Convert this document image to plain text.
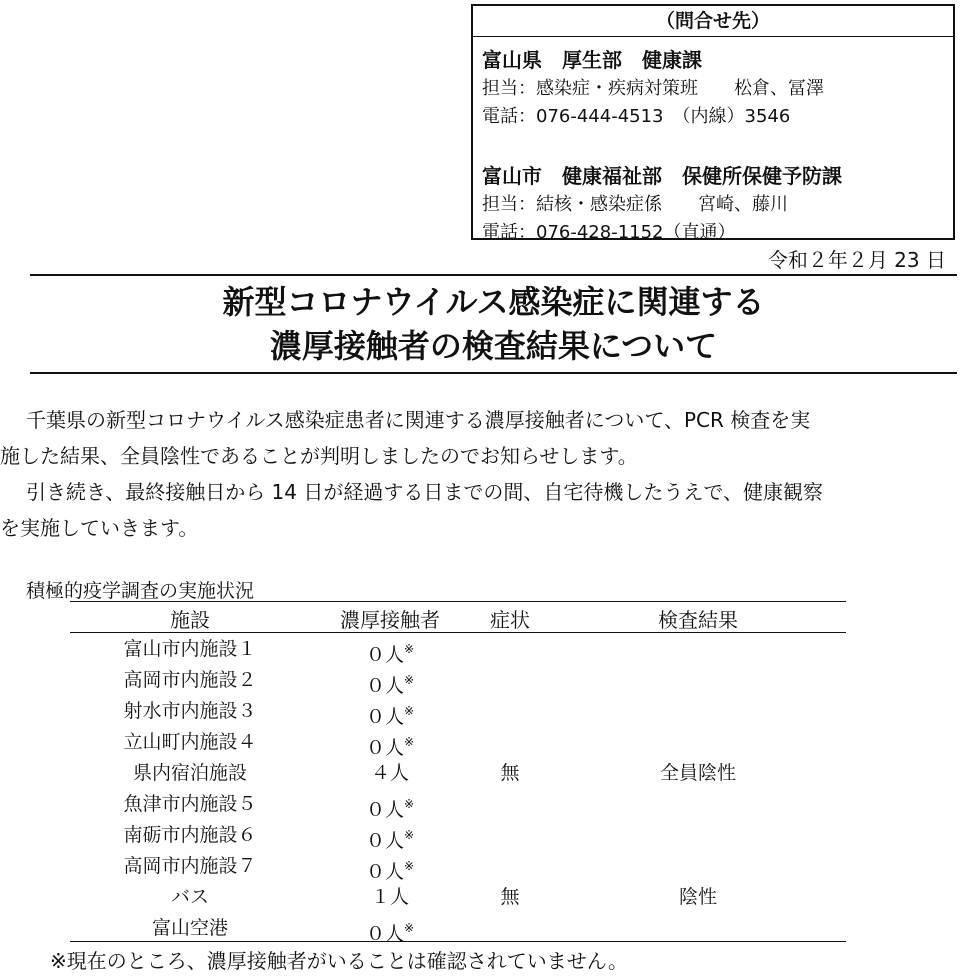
（問合せ先）
富山県　厚生部　健康課
担当：感染症・疾病対策班　　松倉、冨澤
電話：076-444-4513　（内線）3546
富山市　健康福祉部　保健所保健予防課
担当：結核・感染症係　　宮崎、藤川
電話：076-428-1152（直通）
令和２年２月 23 日
新型コロナウイルス感染症に関連する
濃厚接触者の検査結果について
千葉県の新型コロナウイルス感染症患者に関連する濃厚接触者について、PCR 検査を実
施した結果、全員陰性であることが判明しましたのでお知らせします。
引き続き、最終接触日から 14 日が経過する日までの間、自宅待機したうえで、健康観察
を実施していきます。
積極的疫学調査の実施状況
施設	濃厚接触者	症状	検査結果
富山市内施設１	０人※
高岡市内施設２	０人※
射水市内施設３	０人※
立山町内施設４	０人※
県内宿泊施設	４人	無	全員陰性
魚津市内施設５	０人※
南砺市内施設６	０人※
高岡市内施設７	０人※
バス	１人	無	陰性
富山空港	０人※
※現在のところ、濃厚接触者がいることは確認されていません。
